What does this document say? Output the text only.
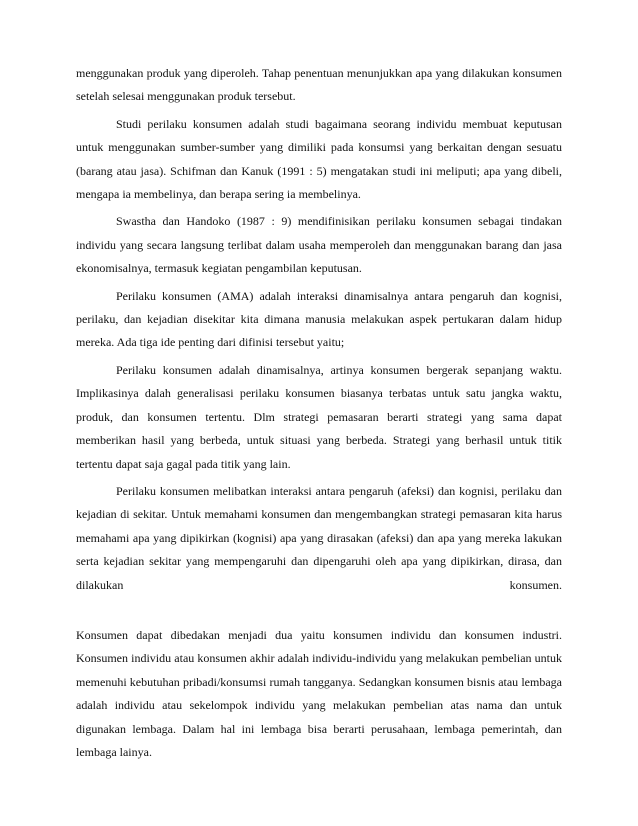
menggunakan produk yang diperoleh. Tahap penentuan menunjukkan apa yang dilakukan konsumen setelah selesai menggunakan produk tersebut.

Studi perilaku konsumen adalah studi bagaimana seorang individu membuat keputusan untuk menggunakan sumber-sumber yang dimiliki pada konsumsi yang berkaitan dengan sesuatu (barang atau jasa). Schifman dan Kanuk (1991 : 5) mengatakan studi ini meliputi; apa yang dibeli, mengapa ia membelinya, dan berapa sering ia membelinya.

Swastha dan Handoko (1987 : 9) mendifinisikan perilaku konsumen sebagai tindakan individu yang secara langsung terlibat dalam usaha memperoleh dan menggunakan barang dan jasa ekonomisalnya, termasuk kegiatan pengambilan keputusan.

Perilaku konsumen (AMA) adalah interaksi dinamisalnya antara pengaruh dan kognisi, perilaku, dan kejadian disekitar kita dimana manusia melakukan aspek pertukaran dalam hidup mereka. Ada tiga ide penting dari difinisi tersebut yaitu;

Perilaku konsumen adalah dinamisalnya, artinya konsumen bergerak sepanjang waktu. Implikasinya dalah generalisasi perilaku konsumen biasanya terbatas untuk satu jangka waktu, produk, dan konsumen tertentu. Dlm strategi pemasaran berarti strategi yang sama dapat memberikan hasil yang berbeda, untuk situasi yang berbeda. Strategi yang berhasil untuk titik tertentu dapat saja gagal pada titik yang lain.

Perilaku konsumen melibatkan interaksi antara pengaruh (afeksi) dan kognisi, perilaku dan kejadian di sekitar. Untuk memahami konsumen dan mengembangkan strategi pemasaran kita harus memahami apa yang dipikirkan (kognisi) apa yang dirasakan (afeksi) dan apa yang mereka lakukan serta kejadian sekitar yang mempengaruhi dan dipengaruhi oleh apa yang dipikirkan, dirasa, dan dilakukan konsumen.

Konsumen dapat dibedakan menjadi dua yaitu konsumen individu dan konsumen industri. Konsumen individu atau konsumen akhir adalah individu-individu yang melakukan pembelian untuk memenuhi kebutuhan pribadi/konsumsi rumah tangganya. Sedangkan konsumen bisnis atau lembaga adalah individu atau sekelompok individu yang melakukan pembelian atas nama dan untuk digunakan lembaga. Dalam hal ini lembaga bisa berarti perusahaan, lembaga pemerintah, dan lembaga lainya.
